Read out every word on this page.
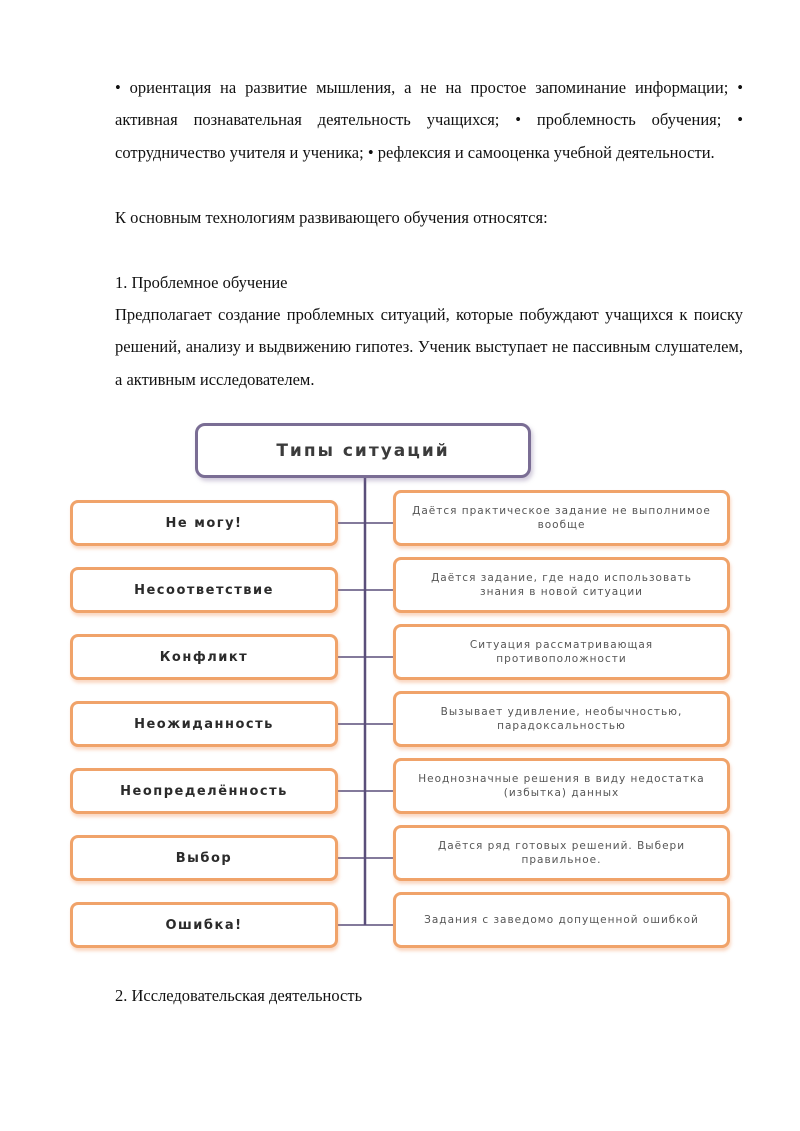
• ориентация на развитие мышления, а не на простое запоминание информации; • активная познавательная деятельность учащихся; • проблемность обучения; • сотрудничество учителя и ученика; • рефлексия и самооценка учебной деятельности.

К основным технологиям развивающего обучения относятся:

1. Проблемное обучение

Предполагает создание проблемных ситуаций, которые побуждают учащихся к поиску решений, анализу и выдвижению гипотез. Ученик выступает не пассивным слушателем, а активным исследователем.

Типы ситуаций
Не могу!
Несоответствие
Конфликт
Неожиданность
Неопределённость
Выбор
Ошибка!
Даётся практическое задание не выполнимое вообще
Даётся задание, где надо использовать знания в новой ситуации
Ситуация рассматривающая противоположности
Вызывает удивление, необычностью, парадоксальностью
Неоднозначные решения в виду недостатка (избытка) данных
Даётся ряд готовых решений. Выбери правильное.
Задания с заведомо допущенной ошибкой

2. Исследовательская деятельность
